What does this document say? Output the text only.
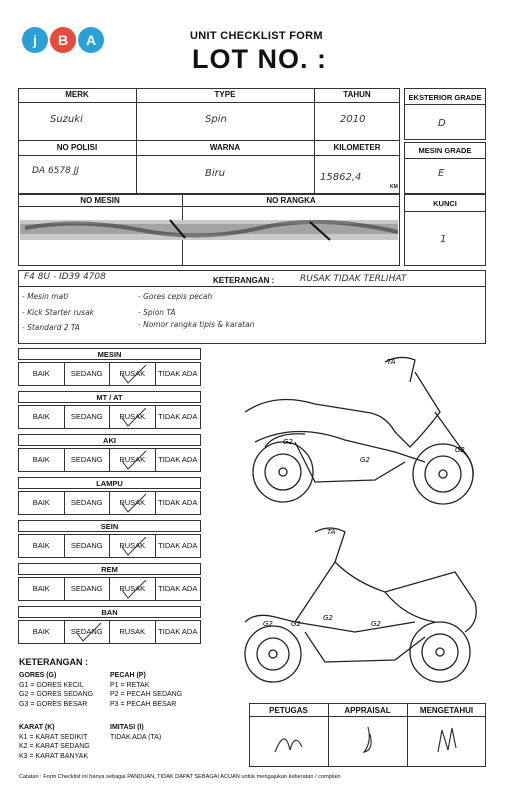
j	B	A	UNIT CHECKLIST FORM
LOT NO. :
MERK	TYPE	TAHUN
Suzuki	Spin	2010
NO POLISI	WARNA	KILOMETER
DA 6578 JJ	Biru	15862,4
KM
EKSTERIOR GRADE
D
MESIN GRADE
E
NO MESIN	NO RANGKA	KUNCI
1
F4 8U - ID39 4708	KETERANGAN :	RUSAK TIDAK TERLIHAT
- Mesin mati
- Kick Starter rusak
- Standard 2 TA
- Gores cepis pecah
- Spion TA
- Nomor rangka tipis & karatan
MESIN
BAIK	SEDANG	RUSAK	TIDAK ADA
MT / AT
BAIK	SEDANG	RUSAK	TIDAK ADA
AKI
BAIK	SEDANG	RUSAK	TIDAK ADA
LAMPU
BAIK	SEDANG	RUSAK	TIDAK ADA
SEIN
BAIK	SEDANG	RUSAK	TIDAK ADA
REM
BAIK	SEDANG	RUSAK	TIDAK ADA
BAN
BAIK	SEDANG	RUSAK	TIDAK ADA
TA
G2
G2
G2
TA
G2	G2
G2
G2
KETERANGAN :
GORES (G)
G1 = GORES KECIL
G2 = GORES SEDANG
G3 = GORES BESAR
PECAH (P)
P1 = RETAK
P2 = PECAH SEDANG
P3 = PECAH BESAR
KARAT (K)
K1 = KARAT SEDIKIT
K2 = KARAT SEDANG
K3 = KARAT BANYAK
IMITASI (I)
TIDAK ADA (TA)
PETUGAS	APPRAISAL	MENGETAHUI
Catatan : Form Checklist ini hanya sebagai PANDUAN, TIDAK DAPAT SEBAGAI ACUAN untuk mengajukan keberatan / complain
